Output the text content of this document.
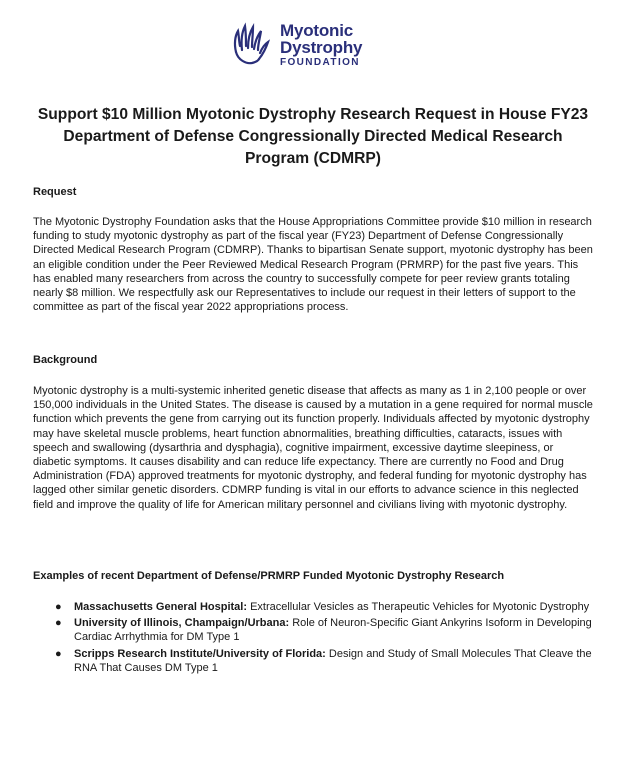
Myotonic
Dystrophy
FOUNDATION
Support $10 Million Myotonic Dystrophy Research Request in House FY23 Department of Defense Congressionally Directed Medical Research Program (CDMRP)
Request
The Myotonic Dystrophy Foundation asks that the House Appropriations Committee provide $10 million in research funding to study myotonic dystrophy as part of the fiscal year (FY23) Department of Defense Congressionally Directed Medical Research Program (CDMRP). Thanks to bipartisan Senate support, myotonic dystrophy has been an eligible condition under the Peer Reviewed Medical Research Program (PRMRP) for the past five years. This has enabled many researchers from across the country to successfully compete for peer review grants totaling nearly $8 million. We respectfully ask our Representatives to include our request in their letters of support to the committee as part of the fiscal year 2022 appropriations process.
Background
Myotonic dystrophy is a multi-systemic inherited genetic disease that affects as many as 1 in 2,100 people or over 150,000 individuals in the United States. The disease is caused by a mutation in a gene required for normal muscle function which prevents the gene from carrying out its function properly. Individuals affected by myotonic dystrophy may have skeletal muscle problems, heart function abnormalities, breathing difficulties, cataracts, issues with speech and swallowing (dysarthria and dysphagia), cognitive impairment, excessive daytime sleepiness, or diabetic symptoms. It causes disability and can reduce life expectancy. There are currently no Food and Drug Administration (FDA) approved treatments for myotonic dystrophy, and federal funding for myotonic dystrophy has lagged other similar genetic disorders. CDMRP funding is vital in our efforts to advance science in this neglected field and improve the quality of life for American military personnel and civilians living with myotonic dystrophy.
Examples of recent Department of Defense/PRMRP Funded Myotonic Dystrophy Research
● Massachusetts General Hospital: Extracellular Vesicles as Therapeutic Vehicles for Myotonic Dystrophy
● University of Illinois, Champaign/Urbana: Role of Neuron-Specific Giant Ankyrins Isoform in Developing Cardiac Arrhythmia for DM Type 1
● Scripps Research Institute/University of Florida: Design and Study of Small Molecules That Cleave the RNA That Causes DM Type 1
